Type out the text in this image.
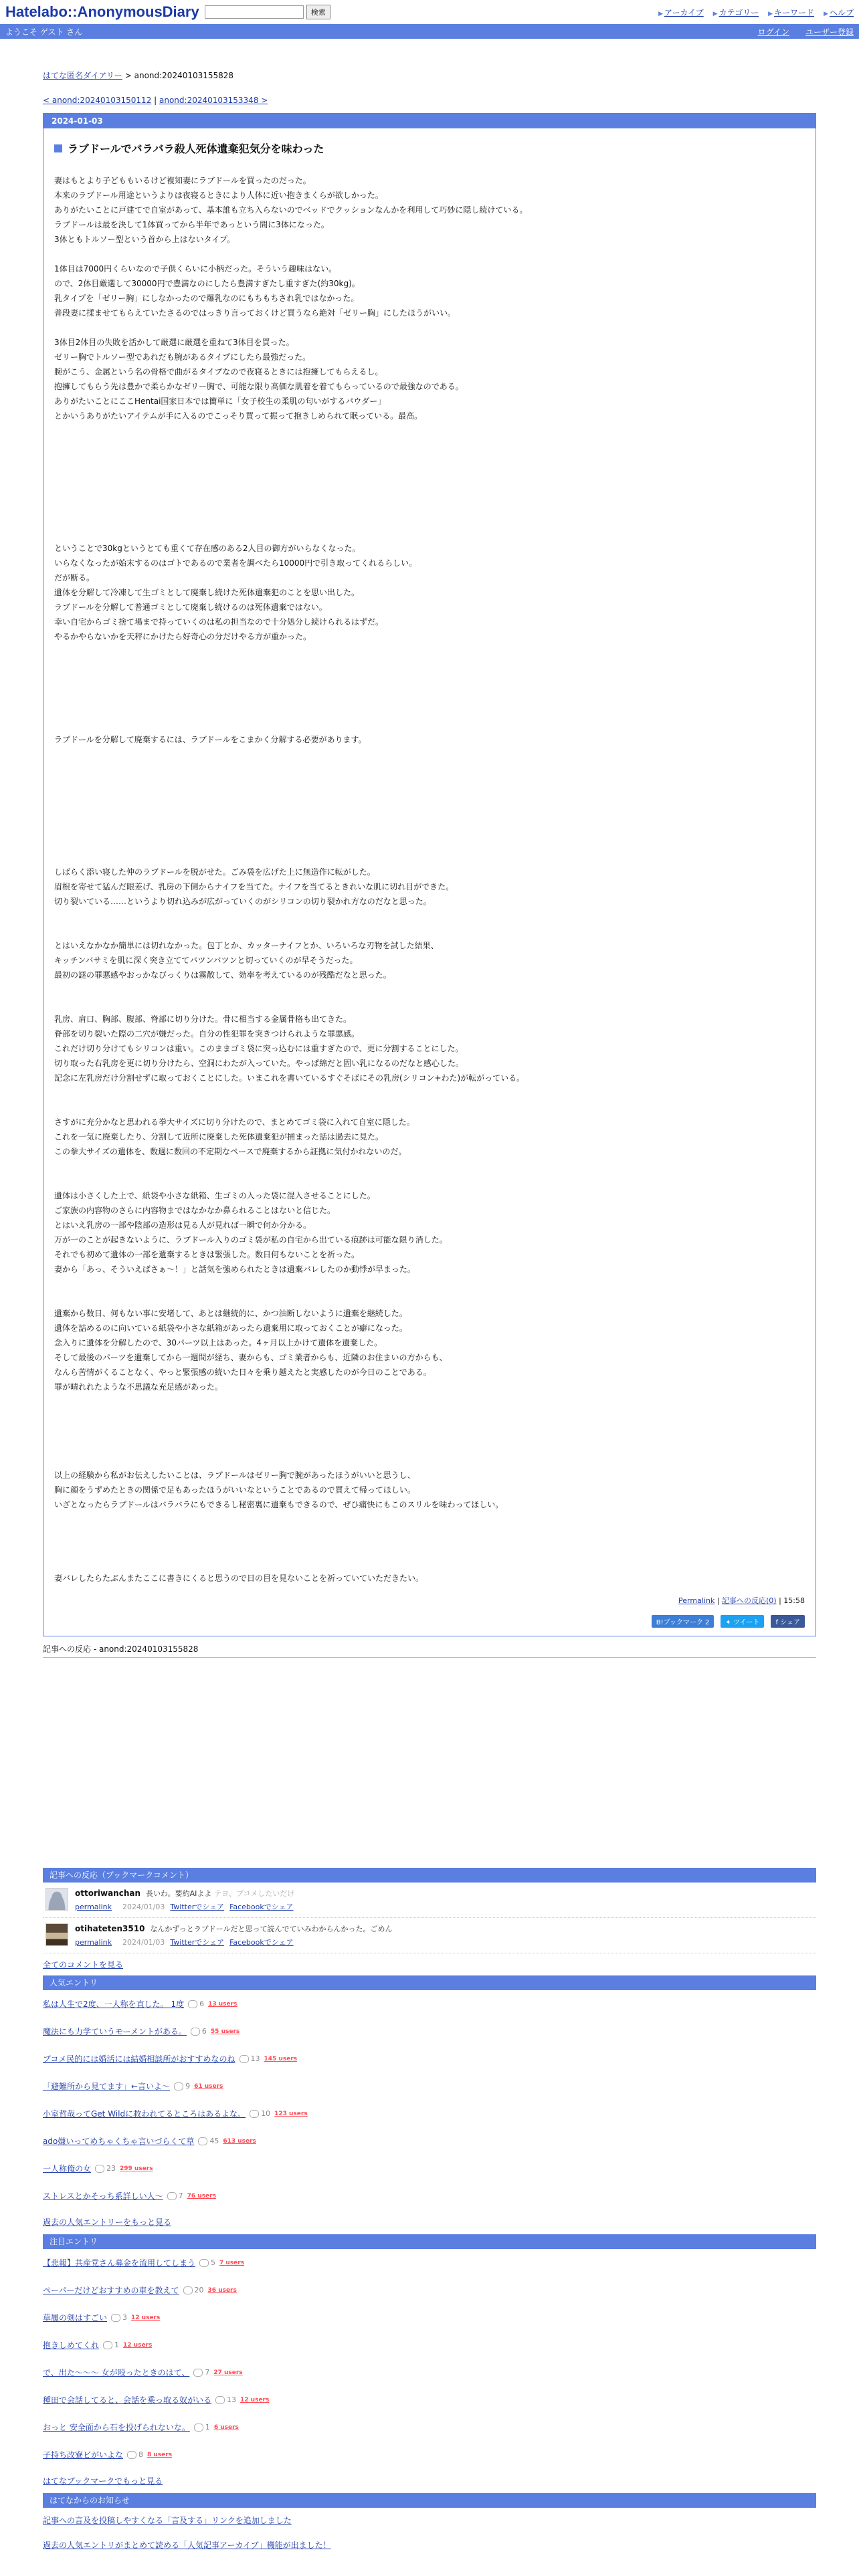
Hatelabo::AnonymousDiary	検索	▶ アーカイブ	▶ カテゴリー	▶ キーワード	▶ ヘルプ
ようこそ ゲスト さん	ログイン ユーザー登録
はてな匿名ダイアリー > anond:20240103155828
< anond:20240103150112 | anond:20240103153348 >
2024-01-03
ラブドールでバラバラ殺人死体遺棄犯気分を味わった
妻はもとより子どももいるけど複知妻にラブドールを買ったのだった。
本来のラブドール用途というよりは夜寝るときにより人体に近い抱きまくらが欲しかった。
ありがたいことに戸建てで自室があって、基本誰も立ち入らないのでベッドでクッションなんかを利用して巧妙に隠し続けている。
ラブドールは最を決して1体買ってから半年であっという間に3体になった。
3体ともトルソー型という首から上はないタイプ。
1体目は7000円くらいなので子供くらいに小柄だった。そういう趣味はない。
ので、2体目厳選して30000円で豊満なのにしたら豊満すぎたし重すぎた(約30kg)。
乳タイプを「ゼリー胸」にしなかったので爆乳なのにもちもちされ乳ではなかった。
普段妻に揉ませてもらえていたさるのではっきり言っておくけど買うなら絶対「ゼリー胸」にしたほうがいい。
3体目2体目の失敗を活かして厳選に厳選を重ねて3体目を買った。
ゼリー胸でトルソー型であれだも腕があるタイプにしたら最強だった。
腕がこう、金属という名の骨格で曲がるタイプなので夜寝るときには抱擁してもらえるし。
抱擁してもらう先は豊かで柔らかなゼリー胸で、可能な限り高価な肌着を着てもらっているので最強なのである。
ありがたいことにここHentai国家日本では簡単に「女子校生の柔肌の匂いがするパウダー」
とかいうありがたいアイテムが手に入るのでこっそり買って振って抱きしめられて眠っている。最高。
ということで30kgというとても重くて存在感のある2人目の御方がいらなくなった。
いらなくなったが始末するのはゴトであるので業者を調べたら10000円で引き取ってくれるらしい。
だが断る。
遺体を分解して冷凍して生ゴミとして廃棄し続けた死体遺棄犯のことを思い出した。
ラブドールを分解して普通ゴミとして廃棄し続けるのは死体遺棄ではない。
幸い自宅からゴミ捨て場まで持っていくのは私の担当なので十分処分し続けられるはずだ。
やるかやらないかを天秤にかけたら好奇心の分だけやる方が重かった。
ラブドールを分解して廃棄するには、ラブドールをこまかく分解する必要があります。
しばらく添い寝した仲のラブドールを脱がせた。ごみ袋を広げた上に無造作に転がした。
眉根を寄せて猛んだ眼差げ、乳房の下側からナイフを当てた。ナイフを当てるときれいな肌に切れ目ができた。
切り裂いている……というより切れ込みが広がっていくのがシリコンの切り裂かれ方なのだなと思った。
とはいえなかなか簡単には切れなかった。包丁とか、カッターナイフとか、いろいろな刃物を試した結果、
キッチンバサミを肌に深く突き立ててバツンバツンと切っていくのが早そうだった。
最初の謎の罪悪感やおっかなびっくりは霧散して、効率を考えているのが残酷だなと思った。
乳房、肩口、胸部、腹部、脊部に切り分けた。骨に相当する金属骨格も出てきた。
脊部を切り裂いた際の二穴が嫌だった。自分の性犯罪を突きつけられような罪悪感。
これだけ切り分けてもシリコンは重い。このままゴミ袋に突っ込むには重すぎたので、更に分割することにした。
切り取った右乳房を更に切り分けたら、空洞にわたが入っていた。やっぱ綿だと固い乳になるのだなと感心した。
記念に左乳房だけ分割せずに取っておくことにした。いまこれを書いているすぐそばにその乳房(シリコン+わた)が転がっている。
さすがに充分かなと思われる拳大サイズに切り分けたので、まとめてゴミ袋に入れて自室に隠した。
これを一気に廃棄したり、分割して近所に廃棄した死体遺棄犯が捕まった話は過去に見た。
この拳大サイズの遺体を、数週に数回の不定期なペースで廃棄するから証拠に気付かれないのだ。
遺体は小さくした上で、紙袋や小さな紙箱、生ゴミの入った袋に混入させることにした。
ご家族の内容物のさらに内容物まではなかなか鼻られることはないと信じた。
とはいえ乳房の一部や陰部の造形は見る人が見れば一瞬で何か分かる。
万が一のことが起きないように、ラブドール入りのゴミ袋が私の自宅から出ている痕跡は可能な限り消した。
それでも初めて遺体の一部を遺棄するときは緊張した。数日何もないことを祈った。
妻から「あっ、そういえばさぁ〜！」と話気を強められたときは遺棄バレしたのか動悸が早まった。
遺棄から数日、何もない事に安堵して、あとは継続的に、かつ油断しないように遺棄を継続した。
遺体を詰めるのに向いている紙袋や小さな紙箱があったら遺棄用に取っておくことが癖になった。
念入りに遺体を分解したので、30パーツ以上はあった。4ヶ月以上かけて遺体を遺棄した。
そして最後のパーツを遺棄してから一週間が経ち、妻からも、ゴミ業者からも、近隣のお住まいの方からも、
なんら苦情がくることなく、やっと緊張感の続いた日々を乗り越えたと実感したのが今日のことである。
罪が晴れれたような不思議な充足感があった。
以上の経験から私がお伝えしたいことは、ラブドールはゼリー胸で腕があったほうがいいと思うし、
胸に顔をうずめたときの関係で足もあったほうがいいなということであるので買えて帰ってほしい。
いざとなったらラブドールはバラバラにもできるし秘密裏に遺棄もできるので、ぜひ痛快にもこのスリルを味わってほしい。
妻バレしたらたぶんまたここに書きにくると思うので日の目を見ないことを祈っていていただきたい。
Permalink | 記事への反応(0) | 15:58
B!ブックマーク 2	✦ ツイート	f シェア
記事への反応 - anond:20240103155828
記事への反応（ブックマークコメント）
ottoriwanchan 長いわ。要約AIよよ テヨ、ブコメしたいだけ
permalink 2024/01/03 Twitterでシェア Facebookでシェア
otihateten3510 なんかずっとラブドールだと思って読んでていみわからんかった。ごめん
permalink 2024/01/03 Twitterでシェア Facebookでシェア
全てのコメントを見る
人気エントリ
私は人生で2度、一人称を直した。 1度 6 13 users
魔法にも力学ていうモーメントがある。 6 55 users
ブコメ民的には婚活には結婚相談所がおすすめなのね 13 145 users
「避難所から見てます」←言いよ〜 9 61 users
小室哲哉ってGet Wildに救われてるところはあるよな。 10 123 users
ado嫌いってめちゃくちゃ言いづらくて草 45 613 users
一人称俺の女 23 299 users
ストレスとかそっち系詳しい人〜 7 76 users
過去の人気エントリーをもっと見る
注目エントリ
【悲報】共産党さん募金を流用してしまう 5 7 users
ペーパーだけどおすすめの車を教えて 20 36 users
草履の剣はすごい 3 12 users
抱きしめてくれ 1 12 users
で、出た〜〜〜 女が殴ったときのはて、 7 27 users
種田で会話してると、会話を乗っ取る奴がいる 13 12 users
おっと 安全面から石を投げられないな。 1 6 users
子持ち改寮ビがいよな 8 8 users
はてなブックマークでもっと見る
はてなからのお知らせ
記事への言及を投稿しやすくなる「言及する」リンクを追加しました
過去の人気エントリがまとめて読める「人気記事アーカイブ」機能が出ました！
